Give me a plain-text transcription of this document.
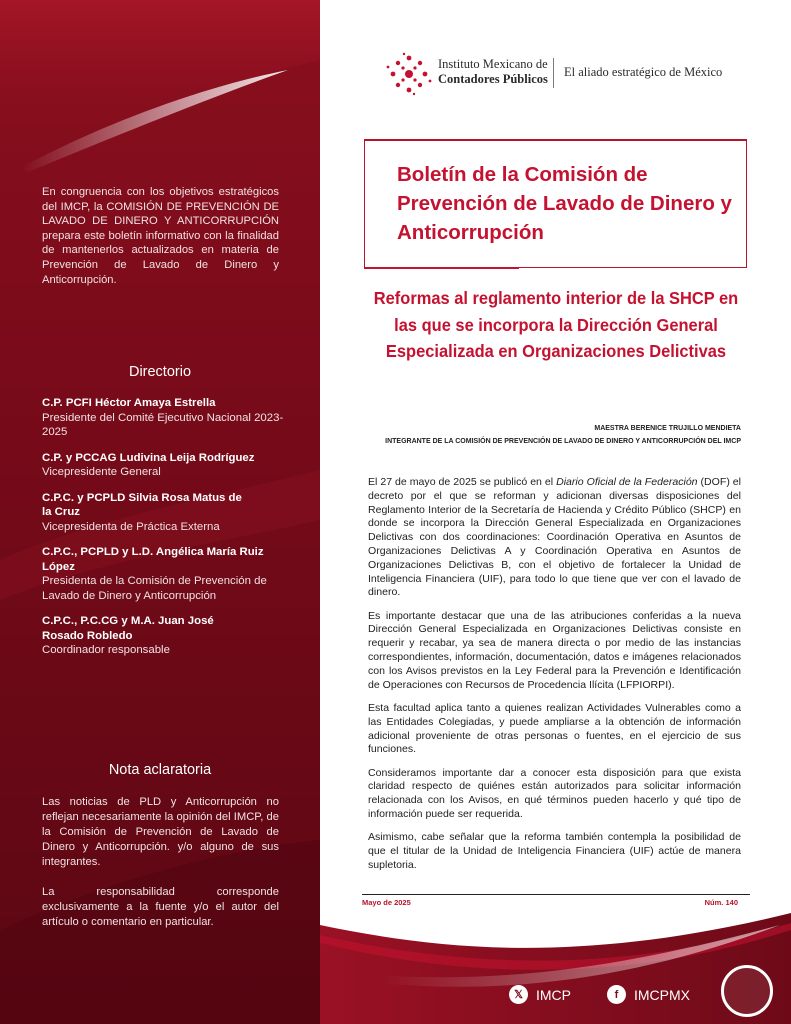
En congruencia con los objetivos estratégicos del IMCP, la COMISIÓN DE PREVENCIÓN DE LAVADO DE DINERO Y ANTICORRUPCIÓN prepara este boletín informativo con la finalidad de mantenerlos actualizados en materia de Prevención de Lavado de Dinero y Anticorrupción.
Directorio
C.P. PCFI Héctor Amaya Estrella
Presidente del Comité Ejecutivo Nacional 2023-2025
C.P. y PCCAG Ludivina Leija Rodríguez
Vicepresidente General
C.P.C. y PCPLD Silvia Rosa Matus de la Cruz
Vicepresidenta de Práctica Externa
C.P.C., PCPLD y L.D. Angélica María Ruiz López
Presidenta de la Comisión de Prevención de Lavado de Dinero y Anticorrupción
C.P.C., P.C.CG y M.A. Juan José Rosado Robledo
Coordinador responsable
Nota aclaratoria

Las noticias de PLD y Anticorrupción no reflejan necesariamente la opinión del IMCP, de la Comisión de Prevención de Lavado de Dinero y Anticorrupción. y/o alguno de sus integrantes.

La responsabilidad corresponde exclusivamente a la fuente y/o el autor del artículo o comentario en particular.

Instituto Mexicano de
Contadores Públicos El aliado estratégico de México
Boletín de la Comisión de Prevención de Lavado de Dinero y Anticorrupción
Reformas al reglamento interior de la SHCP en las que se incorpora la Dirección General Especializada en Organizaciones Delictivas
MAESTRA BERENICE TRUJILLO MENDIETA
INTEGRANTE DE LA COMISIÓN DE PREVENCIÓN DE LAVADO DE DINERO Y ANTICORRUPCIÓN DEL IMCP

El 27 de mayo de 2025 se publicó en el Diario Oficial de la Federación (DOF) el decreto por el que se reforman y adicionan diversas disposiciones del Reglamento Interior de la Secretaría de Hacienda y Crédito Público (SHCP) en donde se incorpora la Dirección General Especializada en Organizaciones Delictivas con dos coordinaciones: Coordinación Operativa en Asuntos de Organizaciones Delictivas A y Coordinación Operativa en Asuntos de Organizaciones Delictivas B, con el objetivo de fortalecer la Unidad de Inteligencia Financiera (UIF), para todo lo que tiene que ver con el lavado de dinero.

Es importante destacar que una de las atribuciones conferidas a la nueva Dirección General Especializada en Organizaciones Delictivas consiste en requerir y recabar, ya sea de manera directa o por medio de las instancias correspondientes, información, documentación, datos e imágenes relacionados con los Avisos previstos en la Ley Federal para la Prevención e Identificación de Operaciones con Recursos de Procedencia Ilícita (LFPIORPI).

Esta facultad aplica tanto a quienes realizan Actividades Vulnerables como a las Entidades Colegiadas, y puede ampliarse a la obtención de información adicional proveniente de otras personas o fuentes, en el ejercicio de sus funciones.

Consideramos importante dar a conocer esta disposición para que exista claridad respecto de quiénes están autorizados para solicitar información relacionada con los Avisos, en qué términos pueden hacerlo y qué tipo de información puede ser requerida.

Asimismo, cabe señalar que la reforma también contempla la posibilidad de que el titular de la Unidad de Inteligencia Financiera (UIF) actúe de manera supletoria.

Mayo de 2025	Núm. 140
𝕏 IMCP	f	IMCPMX
